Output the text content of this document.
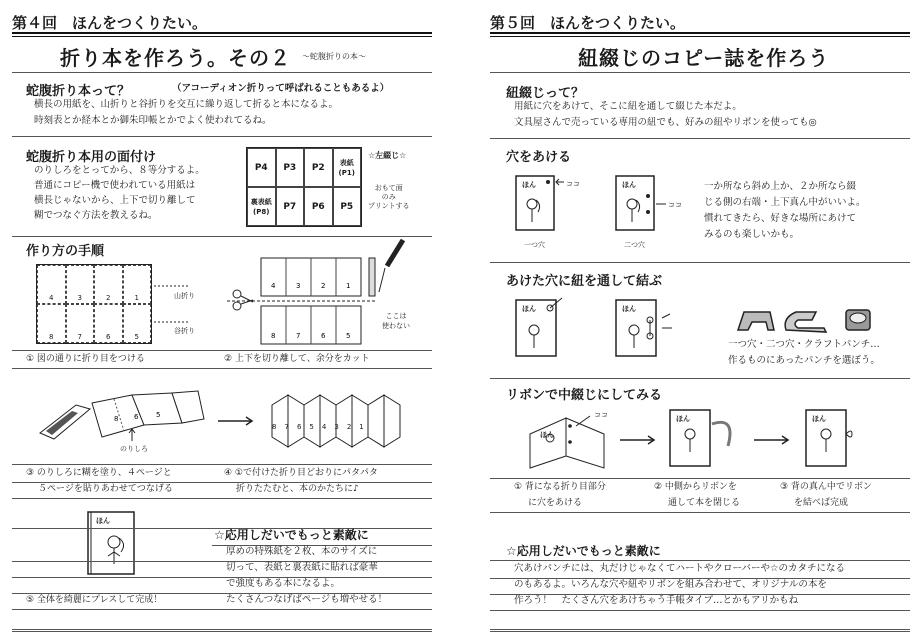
第４回　ほんをつくりたい。
折り本を作ろう。その２ 〜蛇腹折りの本〜
蛇腹折り本って？	（アコーディオン折りって呼ばれることもあるよ）
横長の用紙を、山折りと谷折りを交互に繰り返して折ると本になるよ。
時刻表とか経本とか御朱印帳とかでよく使われてるね。
蛇腹折り本用の面付け
のりしろをとってから、８等分するよ。
普通にコピー機で使われている用紙は
横長じゃないから、上下で切り離して
糊でつなぐ方法を教えるね。
P4	P3	P2	表紙
(P1)
裏表紙
(P8)	P7	P6	P5
☆左綴じ☆
おもて面
のみ
プリントする
作り方の手順
4	3	2	1
8	7	6	5
山折り
谷折り
4	3	2	1
8	7	6	5
ここは
使わない
① 図の通りに折り目をつける	② 上下を切り離して、余分をカット
8 6	5
8 7 6 5 4 3 2 1
のりしろ
③ のりしろに糊を塗り、４ページと
５ページを貼りあわせてつなげる
④ ①で付けた折り目どおりにパタパタ
折りたたむと、本のかたちに♪
ほん
☆応用しだいでもっと素敵に
厚めの特殊紙を２枚、本のサイズに
切って、表紙と裏表紙に貼れば豪華
で強度もある本になるよ。
⑤ 全体を綺麗にプレスして完成！	たくさんつなげばページも増やせる！
第５回　ほんをつくりたい。
紐綴じのコピー誌を作ろう
紐綴じって？
用紙に穴をあけて、そこに紐を通して綴じた本だよ。
文具屋さんで売っている専用の紐でも、好みの紐やリボンを使っても◎
穴をあける
ほん	ほん
ココ
ココ
一つ穴	二つ穴
一か所なら斜め上か、２か所なら綴
じる側の右端・上下真ん中がいいよ。
慣れてきたら、好きな場所にあけて
みるのも楽しいかも。
あけた穴に紐を通して結ぶ
ほん	ほん
一つ穴・二つ穴・クラフトパンチ…
作るものにあったパンチを選ぼう。
リボンで中綴じにしてみる
ほん	ほん
ほん
ココ
① 背になる折り目部分
に穴をあける
② 中側からリボンを
通して本を閉じる
③ 背の真ん中でリボン
を結べば完成
☆応用しだいでもっと素敵に
穴あけパンチには、丸だけじゃなくてハートやクローバーや☆のカタチになる
のもあるよ。いろんな穴や紐やリボンを組み合わせて、オリジナルの本を
作ろう！　たくさん穴をあけちゃう手帳タイプ…とかもアリかもね
